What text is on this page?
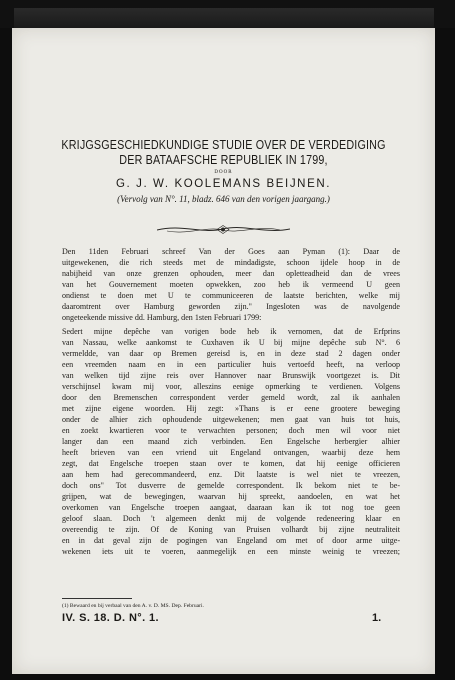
KRIJGSGESCHIEDKUNDIGE STUDIE OVER DE VERDEDIGING
DER BATAAFSCHE REPUBLIEK IN 1799,
DOOR
G. J. W. KOOLEMANS BEIJNEN.
(Vervolg van N°. 11, bladz. 646 van den vorigen jaargang.)

Den 11den Februari schreef Van der Goes aan Pyman (1): Daar de
uitgewekenen, die rich steeds met de mindadigste, schoon ijdele hoop in de
nabijheid van onze grenzen ophouden, meer dan opletteadheid dan de vrees
van het Gouvernement moeten opwekken, zoo heb ik vermeend U geen
ondienst te doen met U te communiceeren de laatste berichten, welke mij
daaromtrent over Hamburg geworden zijn." Ingesloten was de navolgende
ongeteekende missive dd. Hamburg, den 1sten Februari 1799:

Sedert mijne depêche van vorigen bode heb ik vernomen, dat de Erfprins
van Nassau, welke aankomst te Cuxhaven ik U bij mijne depêche sub N°. 6
vermeldde, van daar op Bremen gereisd is, en in deze stad 2 dagen onder
een vreemden naam en in een particulier huis vertoefd heeft, na verloop
van welken tijd zijne reis over Hannover naar Brunswijk voortgezet is. Dit
verschijnsel kwam mij voor, alleszins eenige opmerking te verdienen. Volgens
door den Bremenschen correspondent verder gemeld wordt, zal ik aanhalen
met zijne eigene woorden. Hij zegt: »Thans is er eene grootere beweging
onder de alhier zich ophoudende uitgewekenen; men gaat van huis tot huis,
en zoekt kwartieren voor te verwachten personen; doch men wil voor niet
langer dan een maand zich verbinden. Een Engelsche herbergier alhier
heeft brieven van een vriend uit Engeland ontvangen, waarbij deze hem
zegt, dat Engelsche troepen staan over te komen, dat hij eenige officieren
aan hem had gerecommandeerd, enz. Dit laatste is wel niet te vreezen,
doch ons" Tot dusverre de gemelde correspondent. Ik bekom niet te be-
grijpen, wat de bewegingen, waarvan hij spreekt, aandoelen, en wat het
overkomen van Engelsche troepen aangaat, daaraan kan ik tot nog toe geen
geloof slaan. Doch 't algemeen denkt mij de volgende redeneering klaar en
overeendig te zijn. Of de Koning van Pruisen volhardt bij zijne neutraliteit
en in dat geval zijn de pogingen van Engeland om met of door arme uitge-
wekenen iets uit te voeren, aanmegelijk en een minste weinig te vreezen;

(1) Bewaard en bij verbaal van den A. v. D. MS. Dep. Februari.
IV. S. 18. D. N°. 1.	1.
